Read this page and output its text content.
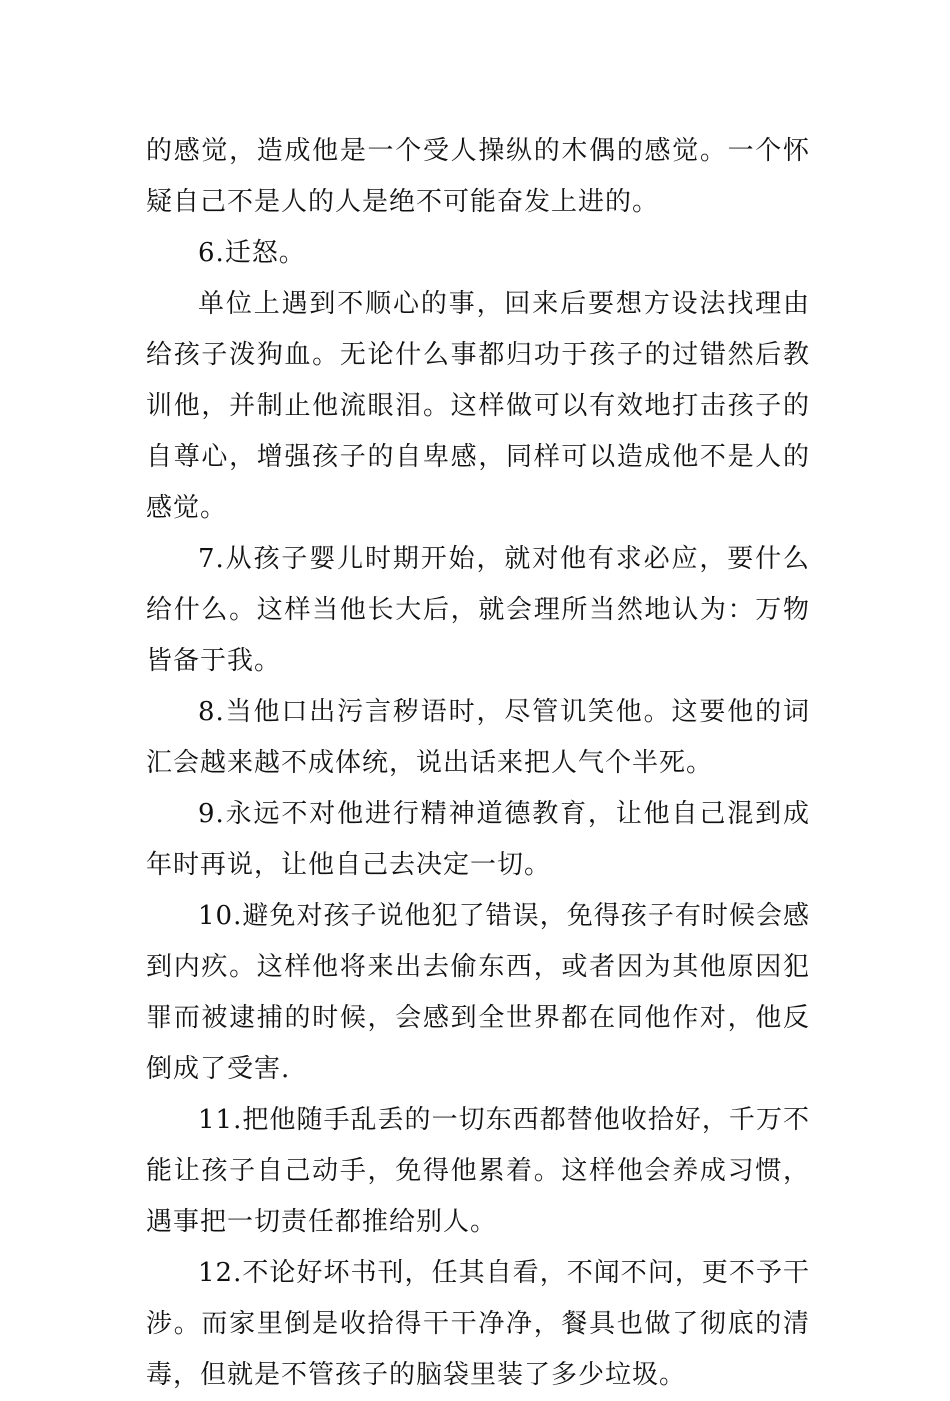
的感觉，造成他是一个受人操纵的木偶的感觉。一个怀疑自己不是人的人是绝不可能奋发上进的。

6.迁怒。

单位上遇到不顺心的事，回来后要想方设法找理由给孩子泼狗血。无论什么事都归功于孩子的过错然后教训他，并制止他流眼泪。这样做可以有效地打击孩子的自尊心，增强孩子的自卑感，同样可以造成他不是人的感觉。

7.从孩子婴儿时期开始，就对他有求必应，要什么给什么。这样当他长大后，就会理所当然地认为：万物皆备于我。

8.当他口出污言秽语时，尽管讥笑他。这要他的词汇会越来越不成体统，说出话来把人气个半死。

9.永远不对他进行精神道德教育，让他自己混到成年时再说，让他自己去决定一切。

10.避免对孩子说他犯了错误，免得孩子有时候会感到内疚。这样他将来出去偷东西，或者因为其他原因犯罪而被逮捕的时候，会感到全世界都在同他作对，他反倒成了受害.

11.把他随手乱丢的一切东西都替他收拾好，千万不能让孩子自己动手，免得他累着。这样他会养成习惯，遇事把一切责任都推给别人。

12.不论好坏书刊，任其自看，不闻不问，更不予干涉。而家里倒是收拾得干干净净，餐具也做了彻底的清毒，但就是不管孩子的脑袋里装了多少垃圾。
